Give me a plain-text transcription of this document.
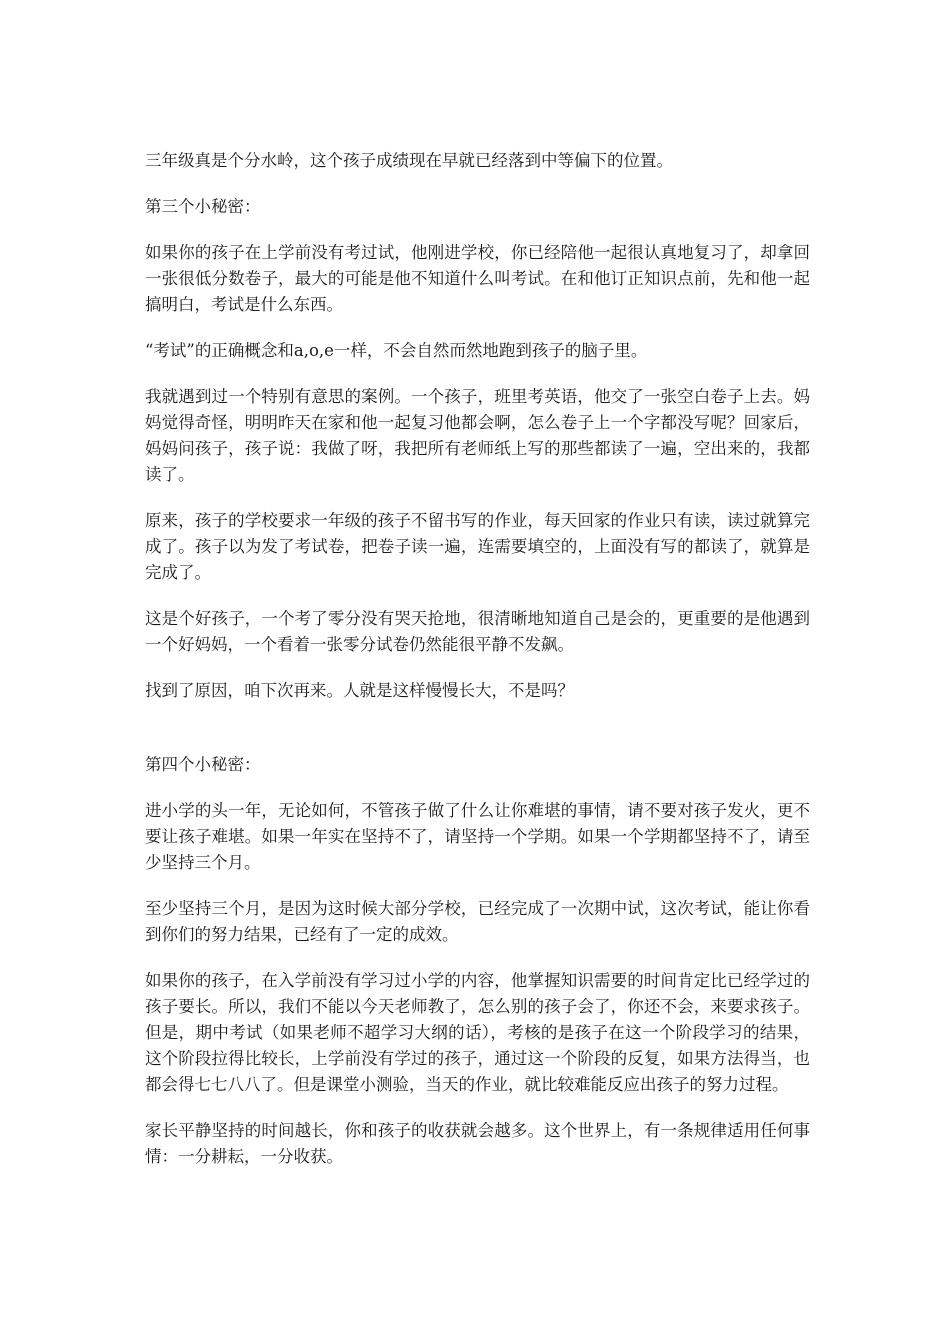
三年级真是个分水岭，这个孩子成绩现在早就已经落到中等偏下的位置。

第三个小秘密：

如果你的孩子在上学前没有考过试，他刚进学校，你已经陪他一起很认真地复习了，却拿回一张很低分数卷子，最大的可能是他不知道什么叫考试。在和他订正知识点前，先和他一起搞明白，考试是什么东西。

“考试”的正确概念和a,o,e一样，不会自然而然地跑到孩子的脑子里。

我就遇到过一个特别有意思的案例。一个孩子，班里考英语，他交了一张空白卷子上去。妈妈觉得奇怪，明明昨天在家和他一起复习他都会啊，怎么卷子上一个字都没写呢？回家后，妈妈问孩子，孩子说：我做了呀，我把所有老师纸上写的那些都读了一遍，空出来的，我都读了。

原来，孩子的学校要求一年级的孩子不留书写的作业，每天回家的作业只有读，读过就算完成了。孩子以为发了考试卷，把卷子读一遍，连需要填空的，上面没有写的都读了，就算是完成了。

这是个好孩子，一个考了零分没有哭天抢地，很清晰地知道自己是会的，更重要的是他遇到一个好妈妈，一个看着一张零分试卷仍然能很平静不发飙。

找到了原因，咱下次再来。人就是这样慢慢长大，不是吗？

第四个小秘密：

进小学的头一年，无论如何，不管孩子做了什么让你难堪的事情，请不要对孩子发火，更不要让孩子难堪。如果一年实在坚持不了，请坚持一个学期。如果一个学期都坚持不了，请至少坚持三个月。

至少坚持三个月，是因为这时候大部分学校，已经完成了一次期中试，这次考试，能让你看到你们的努力结果，已经有了一定的成效。

如果你的孩子，在入学前没有学习过小学的内容，他掌握知识需要的时间肯定比已经学过的孩子要长。所以，我们不能以今天老师教了，怎么别的孩子会了，你还不会，来要求孩子。但是，期中考试（如果老师不超学习大纲的话），考核的是孩子在这一个阶段学习的结果，这个阶段拉得比较长，上学前没有学过的孩子，通过这一个阶段的反复，如果方法得当，也都会得七七八八了。但是课堂小测验，当天的作业，就比较难能反应出孩子的努力过程。

家长平静坚持的时间越长，你和孩子的收获就会越多。这个世界上，有一条规律适用任何事情：一分耕耘，一分收获。
